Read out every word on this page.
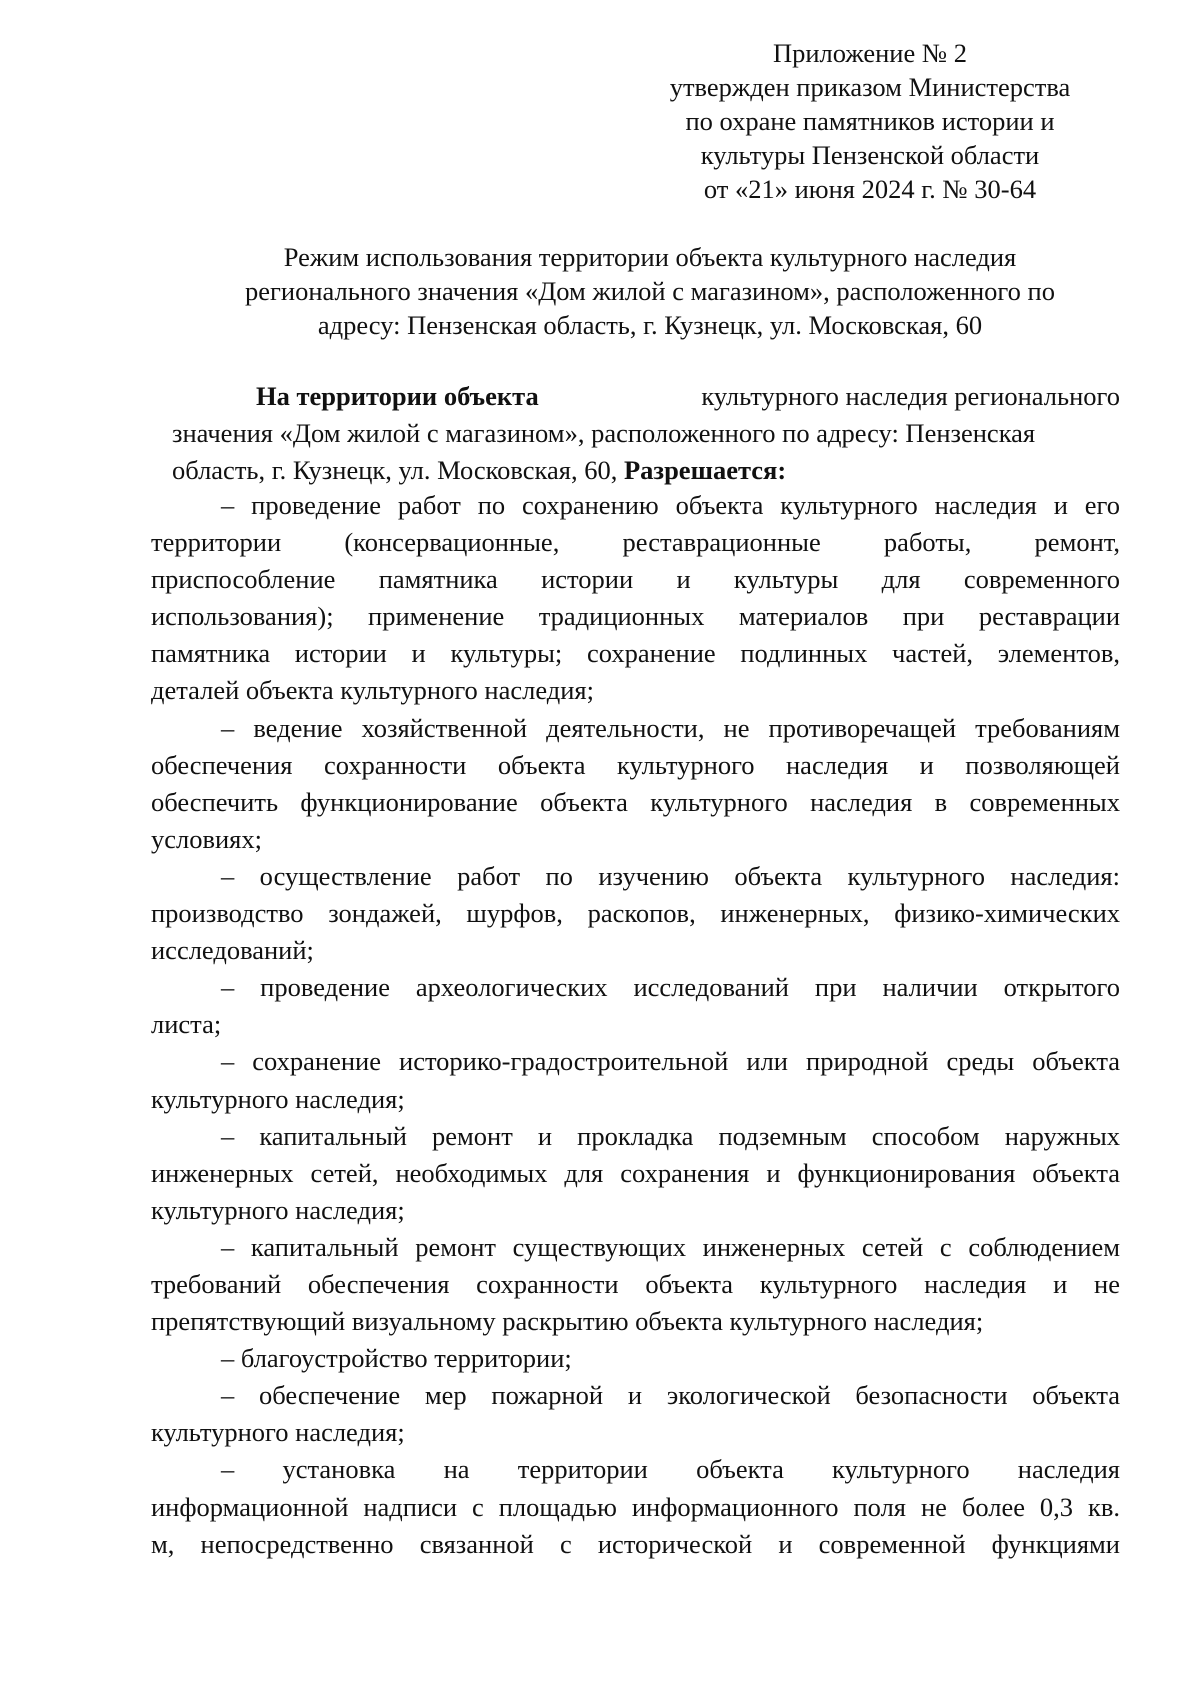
Приложение № 2
утвержден приказом Министерства
по охране памятников истории и
культуры Пензенской области
от «21» июня 2024 г. № 30-64
Режим использования территории объекта культурного наследия
регионального значения «Дом жилой с магазином», расположенного по
адресу: Пензенская область, г. Кузнецк, ул. Московская, 60
На территории объекта	культурного наследия регионального
значения «Дом жилой с магазином», расположенного по адресу: Пензенская
область, г. Кузнецк, ул. Московская, 60, Разрешается:
– проведение работ по сохранению объекта культурного наследия и его
территории (консервационные, реставрационные работы, ремонт,
приспособление памятника истории и культуры для современного
использования); применение традиционных материалов при реставрации
памятника истории и культуры; сохранение подлинных частей, элементов,
деталей объекта культурного наследия;
– ведение хозяйственной деятельности, не противоречащей требованиям
обеспечения сохранности объекта культурного наследия и позволяющей
обеспечить функционирование объекта культурного наследия в современных
условиях;
– осуществление работ по изучению объекта культурного наследия:
производство зондажей, шурфов, раскопов, инженерных, физико-химических
исследований;
– проведение археологических исследований при наличии открытого
листа;
– сохранение историко-градостроительной или природной среды объекта
культурного наследия;
– капитальный ремонт и прокладка подземным способом наружных
инженерных сетей, необходимых для сохранения и функционирования объекта
культурного наследия;
– капитальный ремонт существующих инженерных сетей с соблюдением
требований обеспечения сохранности объекта культурного наследия и не
препятствующий визуальному раскрытию объекта культурного наследия;
– благоустройство территории;
– обеспечение мер пожарной и экологической безопасности объекта
культурного наследия;
– установка на территории объекта культурного наследия
информационной надписи с площадью информационного поля не более 0,3 кв.
м, непосредственно связанной с исторической и современной функциями
